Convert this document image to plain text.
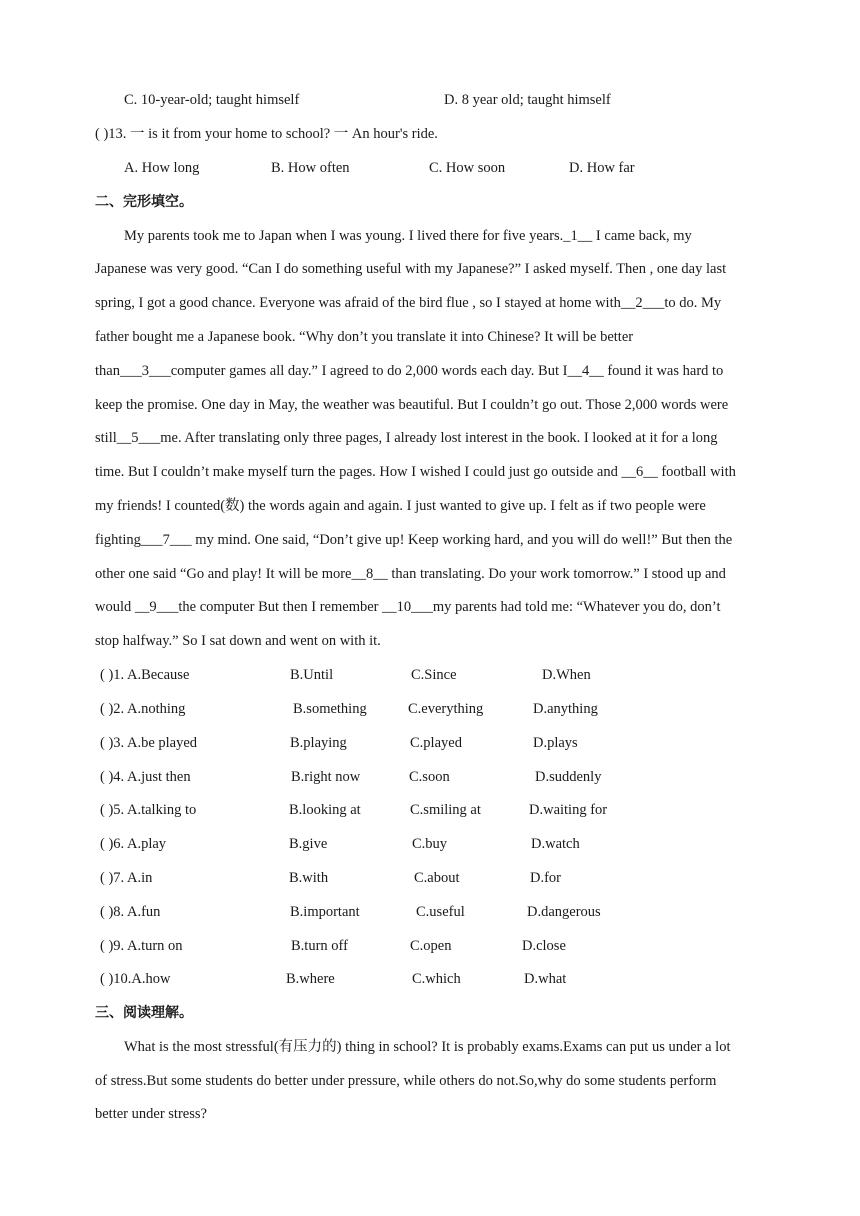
C. 10-year-old; taught himself	D. 8 year old; taught himself
( )13. 一 is it from your home to school? 一 An hour's ride.
A. How long	B. How often	C. How soon	D. How far
二、完形填空。
My parents took me to Japan when I was young. I lived there for five years._1__ I came back, my
Japanese was very good. “Can I do something useful with my Japanese?” I asked myself. Then , one day last
spring, I got a good chance. Everyone was afraid of the bird flue , so I stayed at home with__2___to do. My
father bought me a Japanese book. “Why don’t you translate it into Chinese? It will be better
than___3___computer games all day.” I agreed to do 2,000 words each day. But I__4__ found it was hard to
keep the promise. One day in May, the weather was beautiful. But I couldn’t go out. Those 2,000 words were
still__5___me. After translating only three pages, I already lost interest in the book. I looked at it for a long
time. But I couldn’t make myself turn the pages. How I wished I could just go outside and __6__ football with
my friends! I counted(数) the words again and again. I just wanted to give up. I felt as if two people were
fighting___7___ my mind. One said, “Don’t give up! Keep working hard, and you will do well!” But then the
other one said “Go and play! It will be more__8__ than translating. Do your work tomorrow.” I stood up and
would __9___the computer But then I remember __10___my parents had told me: “Whatever you do, don’t
stop halfway.” So I sat down and went on with it.
( )1. A.Because	B.Until	C.Since	D.When
( )2. A.nothing	B.something	C.everything	D.anything
( )3. A.be played	B.playing	C.played	D.plays
( )4. A.just then	B.right now	C.soon	D.suddenly
( )5. A.talking to	B.looking at	C.smiling at	D.waiting for
( )6. A.play	B.give	C.buy	D.watch
( )7. A.in	B.with	C.about	D.for
( )8. A.fun	B.important	C.useful	D.dangerous
( )9. A.turn on	B.turn off	C.open	D.close
( )10.A.how	B.where	C.which	D.what
三、阅读理解。
What is the most stressful(有压力的) thing in school? It is probably exams.Exams can put us under a lot
of stress.But some students do better under pressure, while others do not.So,why do some students perform
better under stress?
